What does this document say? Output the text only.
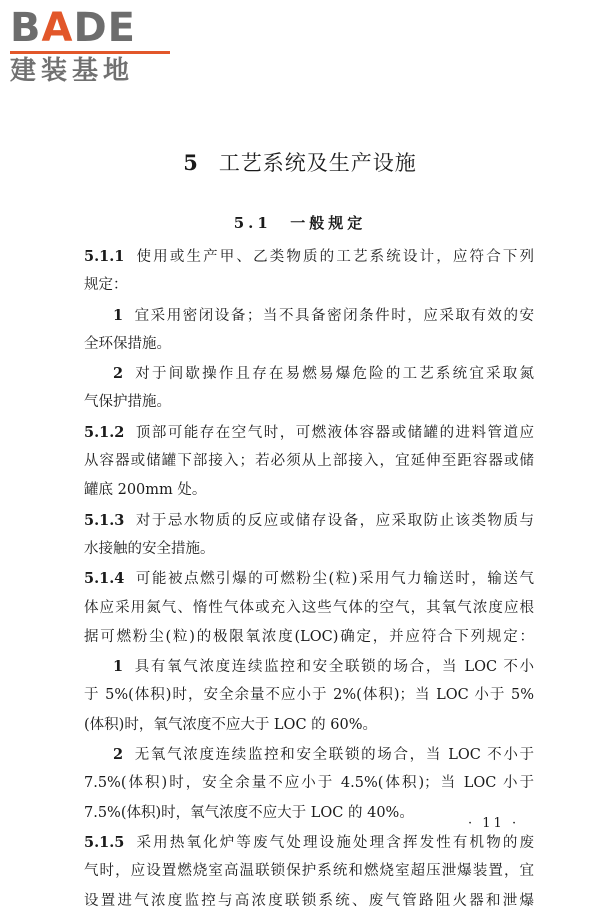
BADE
建装基地
5 工艺系统及生产设施
5.1 一般规定
5.1.1 使用或生产甲、乙类物质的工艺系统设计，应符合下列
规定：
1 宜采用密闭设备；当不具备密闭条件时，应采取有效的安
全环保措施。
2 对于间歇操作且存在易燃易爆危险的工艺系统宜采取氮
气保护措施。
5.1.2 顶部可能存在空气时，可燃液体容器或储罐的进料管道应
从容器或储罐下部接入；若必须从上部接入，宜延伸至距容器或储
罐底 200mm 处。
5.1.3 对于忌水物质的反应或储存设备，应采取防止该类物质与
水接触的安全措施。
5.1.4 可能被点燃引爆的可燃粉尘(粒)采用气力输送时，输送气
体应采用氮气、惰性气体或充入这些气体的空气，其氧气浓度应根
据可燃粉尘(粒)的极限氧浓度(LOC)确定，并应符合下列规定：
1 具有氧气浓度连续监控和安全联锁的场合，当 LOC 不小
于 5%(体积)时，安全余量不应小于 2%(体积)；当 LOC 小于 5%
(体积)时，氧气浓度不应大于 LOC 的 60%。
2 无氧气浓度连续监控和安全联锁的场合，当 LOC 不小于
7.5%(体积)时，安全余量不应小于 4.5%(体积)；当 LOC 小于
7.5%(体积)时，氧气浓度不应大于 LOC 的 40%。
5.1.5 采用热氧化炉等废气处理设施处理含挥发性有机物的废
气时，应设置燃烧室高温联锁保护系统和燃烧室超压泄爆装置，宜
设置进气浓度监控与高浓度联锁系统、废气管路阻火器和泄爆
· 11 ·
